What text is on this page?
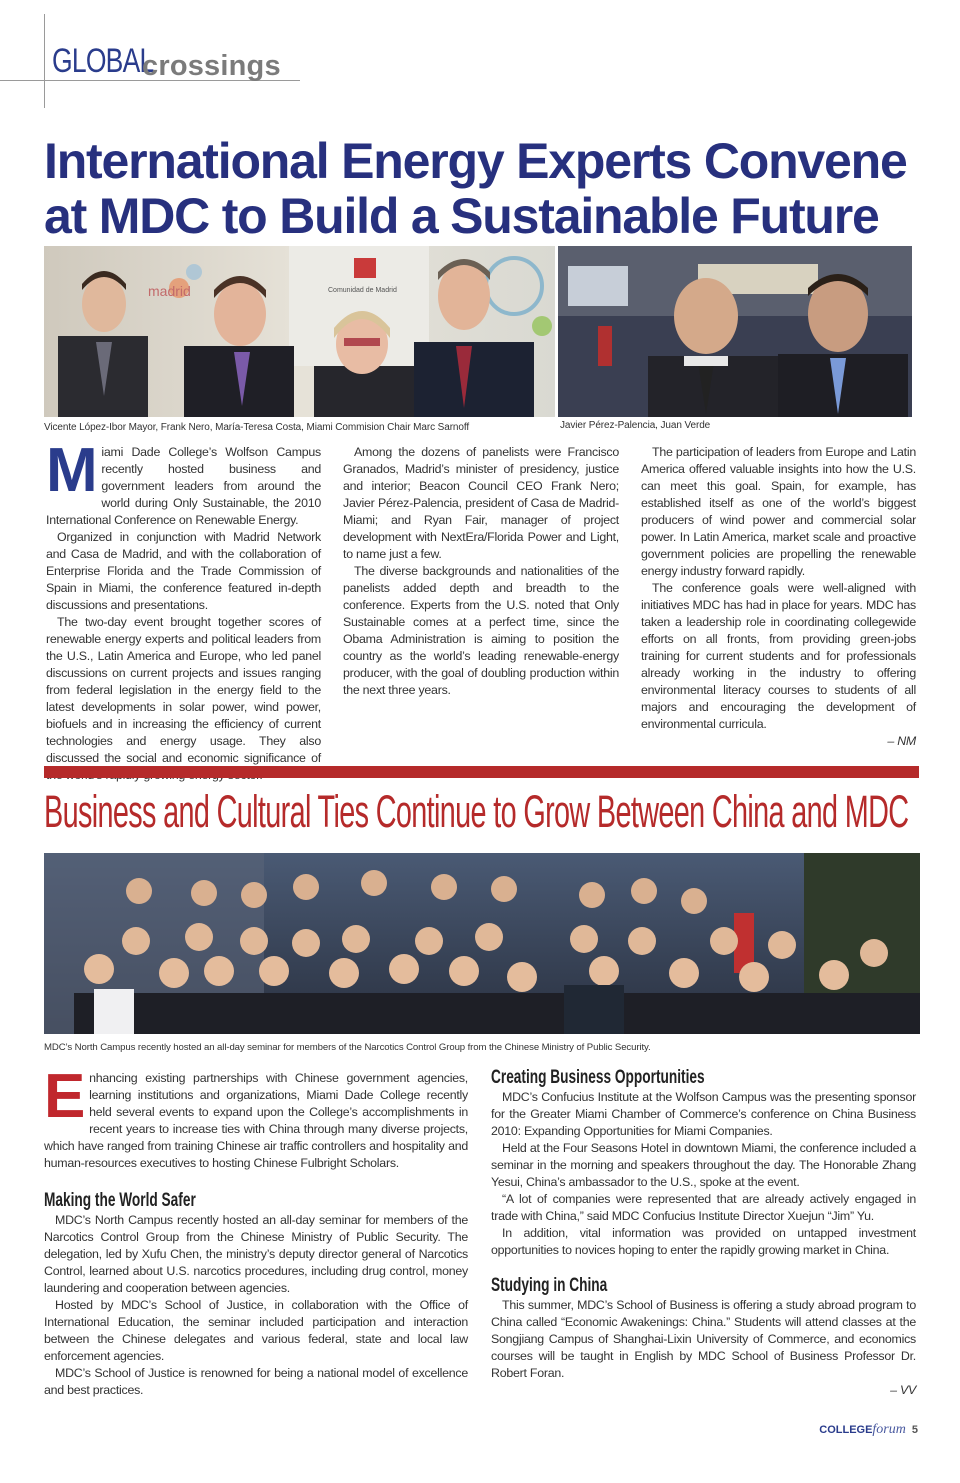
GLOBAL
crossings
International Energy Experts Convene
at MDC to Build a Sustainable Future
madrid	Comunidad de Madrid
Vicente López-Ibor Mayor, Frank Nero, María-Teresa Costa, Miami Commision Chair Marc Sarnoff	Javier Pérez-Palencia, Juan Verde

Miami Dade College’s Wolfson Campus recently hosted business and government leaders from around the world during Only Sustainable, the 2010 International Conference on Renewable Energy.

Organized in conjunction with Madrid Network and Casa de Madrid, and with the collaboration of Enterprise Florida and the Trade Commission of Spain in Miami, the conference featured in-depth discussions and presentations.

The two-day event brought together scores of renewable energy experts and political leaders from the U.S., Latin America and Europe, who led panel discussions on current projects and issues ranging from federal legislation in the energy field to the latest developments in solar power, wind power, biofuels and in increasing the efficiency of current technologies and energy usage. They also discussed the social and economic significance of

Among the dozens of panelists were Francisco Granados, Madrid’s minister of presidency, justice and interior; Beacon Council CEO Frank Nero; Javier Pérez-Palencia, president of Casa de Madrid-Miami; and Ryan Fair, manager of project development with NextEra/Florida Power and Light, to name just a few.

The diverse backgrounds and nationalities of the panelists added depth and breadth to the conference. Experts from the U.S. noted that Only Sustainable comes at a perfect time, since the Obama Administration is aiming to position the country as the world’s leading renewable-energy producer, with the goal of doubling production within the next three years.

The participation of leaders from Europe and Latin America offered valuable insights into how the U.S. can meet this goal. Spain, for example, has established itself as one of the world’s biggest producers of wind power and commercial solar power. In Latin America, market scale and proactive government policies are propelling the renewable energy industry forward rapidly.

The conference goals were well-aligned with initiatives MDC has had in place for years. MDC has taken a leadership role in coordinating collegewide efforts on all fronts, from providing green-jobs training for current students and for professionals already working in the industry to offering environmental literacy courses to students of all majors and encouraging the development of environmental curricula.

– NM

Business and Cultural Ties Continue to Grow Between China and MDC
MDC’s North Campus recently hosted an all-day seminar for members of the Narcotics Control Group from the Chinese Ministry of Public Security.

Enhancing existing partnerships with Chinese government agencies, learning institutions and organizations, Miami Dade College recently held several events to expand upon the College’s accomplishments in recent years to increase ties with China through many diverse projects, which have ranged from training Chinese air traffic controllers and hospitality and human-resources executives to hosting Chinese Fulbright Scholars.

Making the World Safer

MDC’s North Campus recently hosted an all-day seminar for members of the Narcotics Control Group from the Chinese Ministry of Public Security. The delegation, led by Xufu Chen, the ministry’s deputy director general of Narcotics Control, learned about U.S. narcotics procedures, including drug control, money laundering and cooperation between agencies.

Hosted by MDC’s School of Justice, in collaboration with the Office of International Education, the seminar included participation and interaction between the Chinese delegates and various federal, state and local law enforcement agencies.

MDC’s School of Justice is renowned for being a national model of excellence and best practices.

Creating Business Opportunities

MDC’s Confucius Institute at the Wolfson Campus was the presenting sponsor for the Greater Miami Chamber of Commerce’s conference on China Business 2010: Expanding Opportunities for Miami Companies.

Held at the Four Seasons Hotel in downtown Miami, the conference included a seminar in the morning and speakers throughout the day. The Honorable Zhang Yesui, China’s ambassador to the U.S., spoke at the event.

“A lot of companies were represented that are already actively engaged in trade with China,” said MDC Confucius Institute Director Xuejun “Jim” Yu.

In addition, vital information was provided on untapped investment opportunities to novices hoping to enter the rapidly growing market in China.

Studying in China

This summer, MDC’s School of Business is offering a study abroad program to China called “Economic Awakenings: China.” Students will attend classes at the Songjiang Campus of Shanghai-Lixin University of Commerce, and economics courses will be taught in English by MDC School of Business Professor Dr. Robert Foran.

– VV

COLLEGEforum 5
